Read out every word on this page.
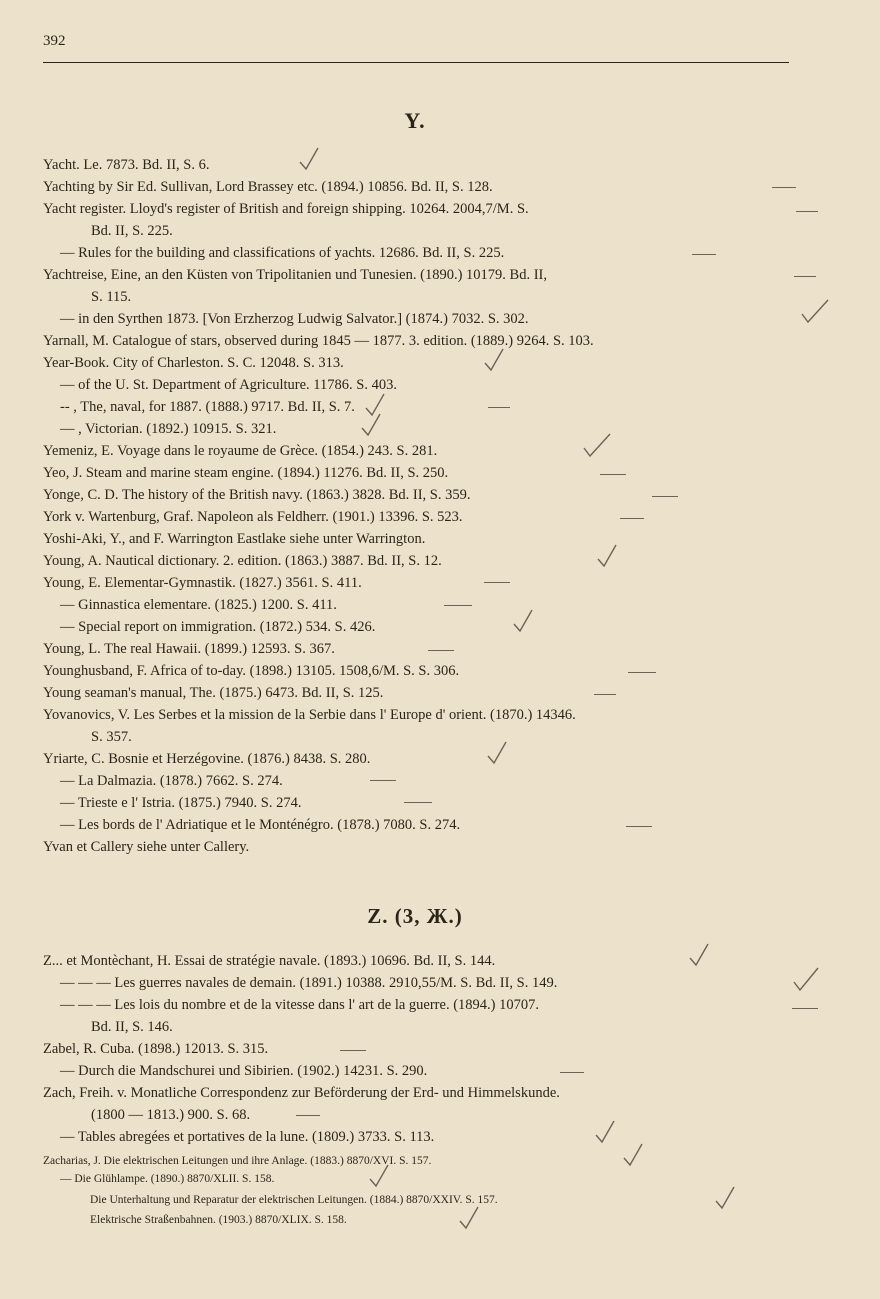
392
Y.
Yacht. Le. 7873. Bd. II, S. 6.
Yachting by Sir Ed. Sullivan, Lord Brassey etc. (1894.) 10856. Bd. II, S. 128.
Yacht register. Lloyd's register of British and foreign shipping. 10264. 2004,7/M. S.
Bd. II, S. 225.
— Rules for the building and classifications of yachts. 12686. Bd. II, S. 225.
Yachtreise, Eine, an den Küsten von Tripolitanien und Tunesien. (1890.) 10179. Bd. II,
S. 115.
— in den Syrthen 1873. [Von Erzherzog Ludwig Salvator.] (1874.) 7032. S. 302.
Yarnall, M. Catalogue of stars, observed during 1845 — 1877. 3. edition. (1889.) 9264. S. 103.
Year-Book. City of Charleston. S. C. 12048. S. 313.
— of the U. St. Department of Agriculture. 11786. S. 403.
-- , The, naval, for 1887. (1888.) 9717. Bd. II, S. 7.
— , Victorian. (1892.) 10915. S. 321.
Yemeniz, E. Voyage dans le royaume de Grèce. (1854.) 243. S. 281.
Yeo, J. Steam and marine steam engine. (1894.) 11276. Bd. II, S. 250.
Yonge, C. D. The history of the British navy. (1863.) 3828. Bd. II, S. 359.
York v. Wartenburg, Graf. Napoleon als Feldherr. (1901.) 13396. S. 523.
Yoshi-Aki, Y., and F. Warrington Eastlake siehe unter Warrington.
Young, A. Nautical dictionary. 2. edition. (1863.) 3887. Bd. II, S. 12.
Young, E. Elementar-Gymnastik. (1827.) 3561. S. 411.
— Ginnastica elementare. (1825.) 1200. S. 411.
— Special report on immigration. (1872.) 534. S. 426.
Young, L. The real Hawaii. (1899.) 12593. S. 367.
Younghusband, F. Africa of to-day. (1898.) 13105. 1508,6/M. S. S. 306.
Young seaman's manual, The. (1875.) 6473. Bd. II, S. 125.
Yovanovics, V. Les Serbes et la mission de la Serbie dans l' Europe d' orient. (1870.) 14346.
S. 357.
Yriarte, C. Bosnie et Herzégovine. (1876.) 8438. S. 280.
— La Dalmazia. (1878.) 7662. S. 274.
— Trieste e l' Istria. (1875.) 7940. S. 274.
— Les bords de l' Adriatique et le Monténégro. (1878.) 7080. S. 274.
Yvan et Callery siehe unter Callery.
Z. (3, Ж.)
Z... et Montèchant, H. Essai de stratégie navale. (1893.) 10696. Bd. II, S. 144.
— — — Les guerres navales de demain. (1891.) 10388. 2910,55/M. S. Bd. II, S. 149.
— — — Les lois du nombre et de la vitesse dans l' art de la guerre. (1894.) 10707.
Bd. II, S. 146.
Zabel, R. Cuba. (1898.) 12013. S. 315.
— Durch die Mandschurei und Sibirien. (1902.) 14231. S. 290.
Zach, Freih. v. Monatliche Correspondenz zur Beförderung der Erd- und Himmelskunde.
(1800 — 1813.) 900. S. 68.
— Tables abregées et portatives de la lune. (1809.) 3733. S. 113.
Zacharias, J. Die elektrischen Leitungen und ihre Anlage. (1883.) 8870/XVI. S. 157.
— Die Glühlampe. (1890.) 8870/XLII. S. 158.
Die Unterhaltung und Reparatur der elektrischen Leitungen. (1884.) 8870/XXIV. S. 157.
Elektrische Straßenbahnen. (1903.) 8870/XLIX. S. 158.
